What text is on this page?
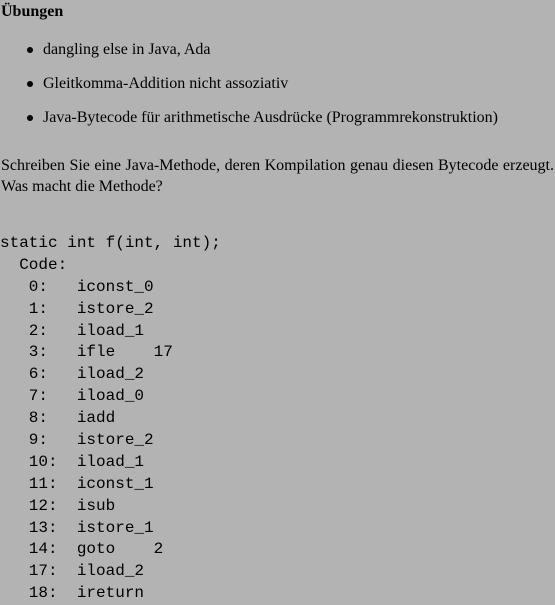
Übungen
dangling else in Java, Ada
Gleitkomma-Addition nicht assoziativ
Java-Bytecode für arithmetische Ausdrücke (Programmrekonstruktion)

Schreiben Sie eine Java-Methode, deren Kompilation genau diesen Bytecode erzeugt. Was macht die Methode?

static int f(int, int);
Code:
0:   iconst_0
1:   istore_2
2:   iload_1
3:   ifle    17
6:   iload_2
7:   iload_0
8:   iadd
9:   istore_2
10:  iload_1
11:  iconst_1
12:  isub
13:  istore_1
14:  goto    2
17:  iload_2
18:  ireturn
